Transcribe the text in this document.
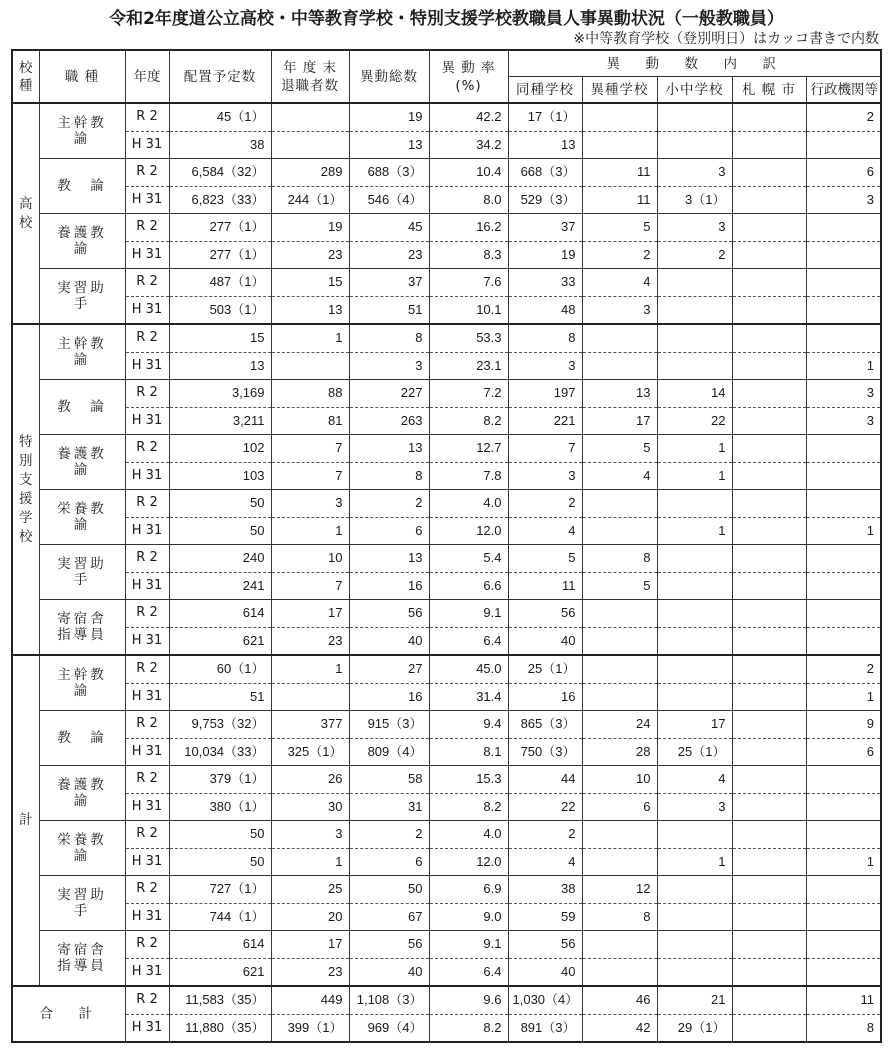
令和2年度道公立高校・中等教育学校・特別支援学校教職員人事異動状況（一般教職員）
※中等教育学校（登別明日）はカッコ書きで内数
校種	職 種	年度	配置予定数	年 度 末 退職者数	異動総数	異 動 率 (%)	異　動　数　内　訳				
							同種学校	異種学校	小中学校	札 幌 市	行政機関等
高校	主幹教諭	R 2	45（1）		19	42.2	17（1）				2
		H 31	38		13	34.2	13				
	教　論	R 2	6,584（32）	289	688（3）	10.4	668（3）	11	3		6
		H 31	6,823（33）	244（1）	546（4）	8.0	529（3）	11	3（1）		3
	養護教諭	R 2	277（1）	19	45	16.2	37	5	3		
		H 31	277（1）	23	23	8.3	19	2	2		
	実習助手	R 2	487（1）	15	37	7.6	33	4			
		H 31	503（1）	13	51	10.1	48	3			
特別支援学校	主幹教諭	R 2	15	1	8	53.3	8				
		H 31	13		3	23.1	3				1
	教　論	R 2	3,169	88	227	7.2	197	13	14		3
		H 31	3,211	81	263	8.2	221	17	22		3
	養護教諭	R 2	102	7	13	12.7	7	5	1		
		H 31	103	7	8	7.8	3	4	1		
	栄養教諭	R 2	50	3	2	4.0	2				
		H 31	50	1	6	12.0	4		1		1
	実習助手	R 2	240	10	13	5.4	5	8			
		H 31	241	7	16	6.6	11	5			
	寄宿舎指導員	R 2	614	17	56	9.1	56				
		H 31	621	23	40	6.4	40				
計	主幹教諭	R 2	60（1）	1	27	45.0	25（1）				2
		H 31	51		16	31.4	16				1
	教　論	R 2	9,753（32）	377	915（3）	9.4	865（3）	24	17		9
		H 31	10,034（33）	325（1）	809（4）	8.1	750（3）	28	25（1）		6
	養護教諭	R 2	379（1）	26	58	15.3	44	10	4		
		H 31	380（1）	30	31	8.2	22	6	3		
	栄養教諭	R 2	50	3	2	4.0	2				
		H 31	50	1	6	12.0	4		1		1
	実習助手	R 2	727（1）	25	50	6.9	38	12			
		H 31	744（1）	20	67	9.0	59	8			
	寄宿舎指導員	R 2	614	17	56	9.1	56				
		H 31	621	23	40	6.4	40				
合　計		R 2	11,583（35）	449	1,108（3）	9.6	1,030（4）	46	21		11
		H 31	11,880（35）	399（1）	969（4）	8.2	891（3）	42	29（1）		8
